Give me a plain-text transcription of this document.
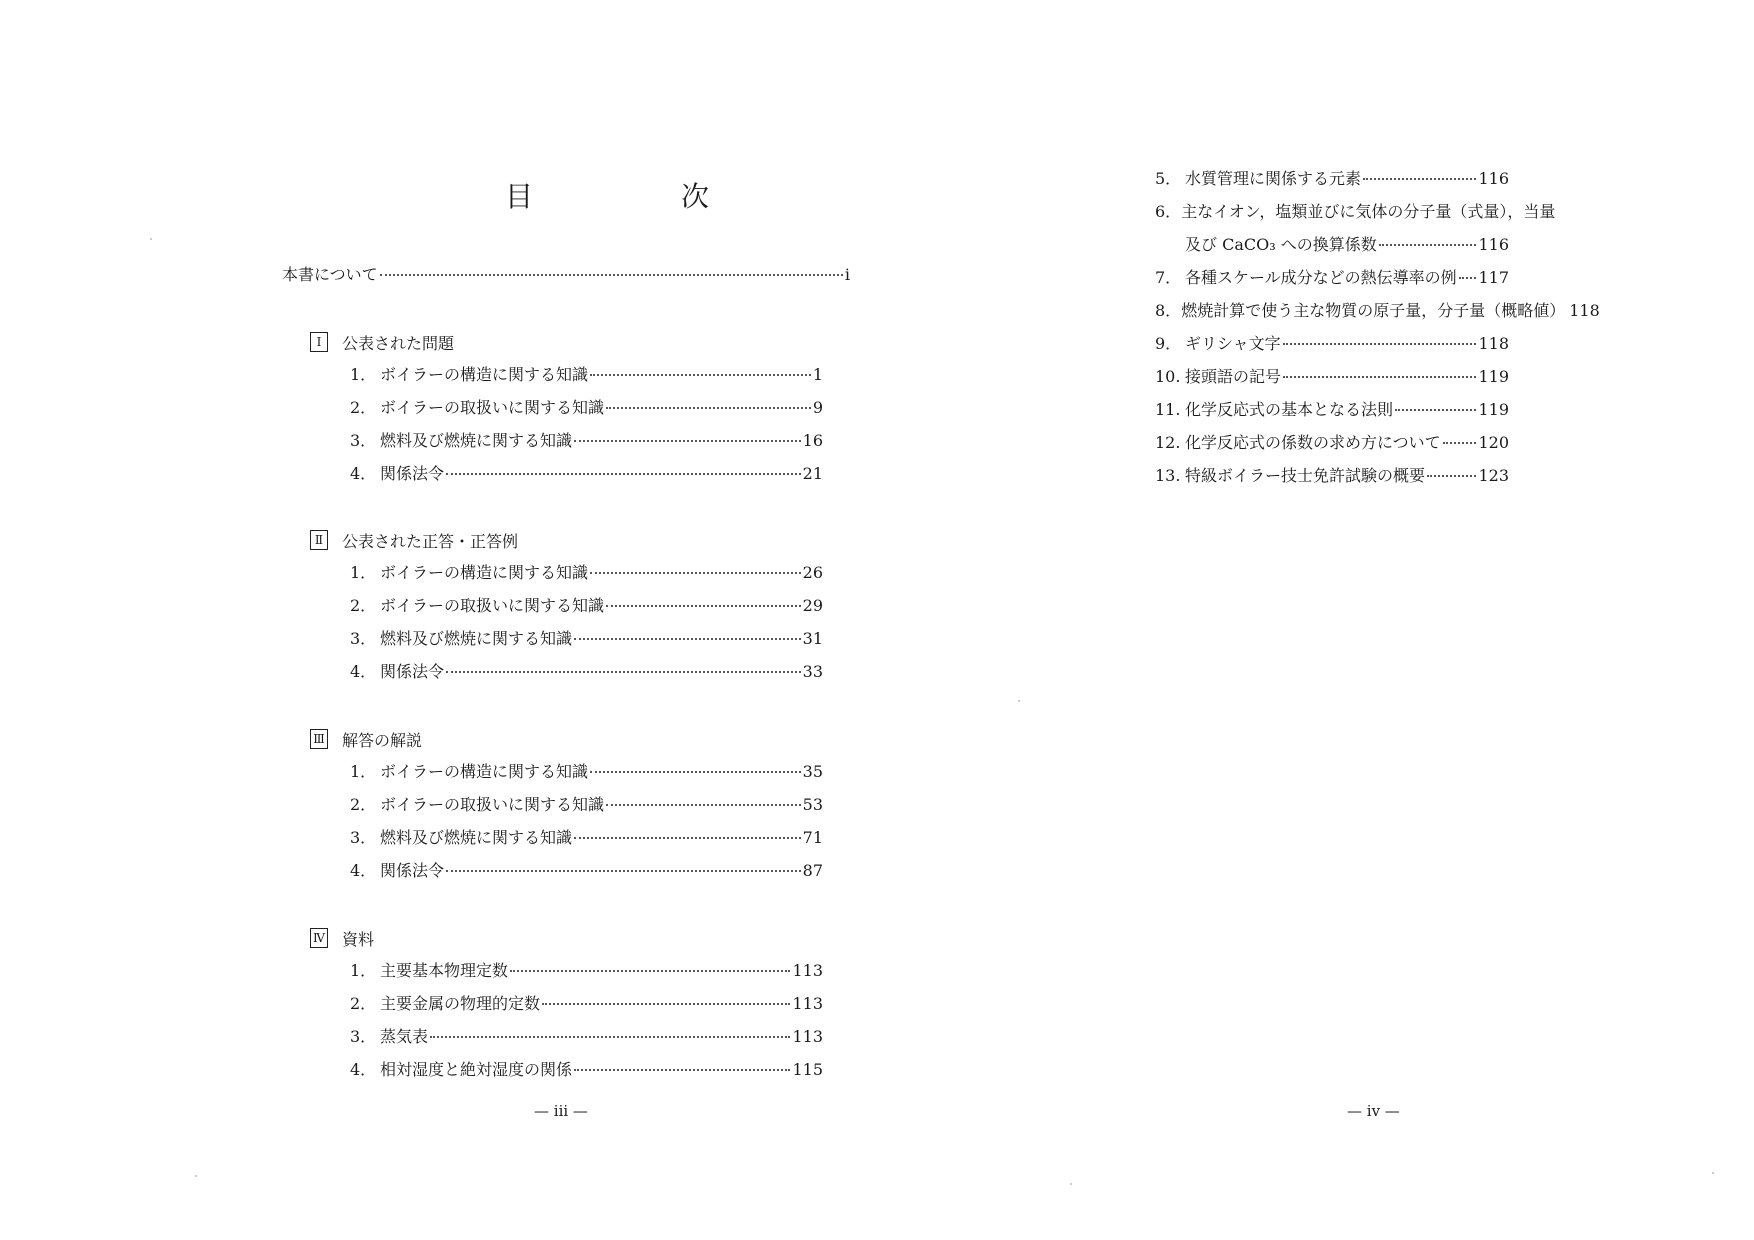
目　次
本書について	i
Ⅰ	公表された問題
1． ボイラーの構造に関する知識	1
2． ボイラーの取扱いに関する知識	9
3． 燃料及び燃焼に関する知識	16
4． 関係法令	21
Ⅱ	公表された正答・正答例
1． ボイラーの構造に関する知識	26
2． ボイラーの取扱いに関する知識	29
3． 燃料及び燃焼に関する知識	31
4． 関係法令	33
Ⅲ 解答の解説
1． ボイラーの構造に関する知識	35
2． ボイラーの取扱いに関する知識	53
3． 燃料及び燃焼に関する知識	71
4． 関係法令	87
Ⅳ 資料
1． 主要基本物理定数	113
2． 主要金属の物理的定数	113
3． 蒸気表	113
4． 相対湿度と絶対湿度の関係	115
— iii —
5． 水質管理に関係する元素	116
6． 主なイオン，塩類並びに気体の分子量（式量），当量
及び CaCO₃ への換算係数	116
7． 各種スケール成分などの熱伝導率の例 117
8． 燃焼計算で使う主な物質の原子量，分子量（概略値） 118
9． ギリシャ文字	118
10. 接頭語の記号	119
11. 化学反応式の基本となる法則	119
12. 化学反応式の係数の求め方について 120
13. 特級ボイラー技士免許試験の概要	123
— iv —
